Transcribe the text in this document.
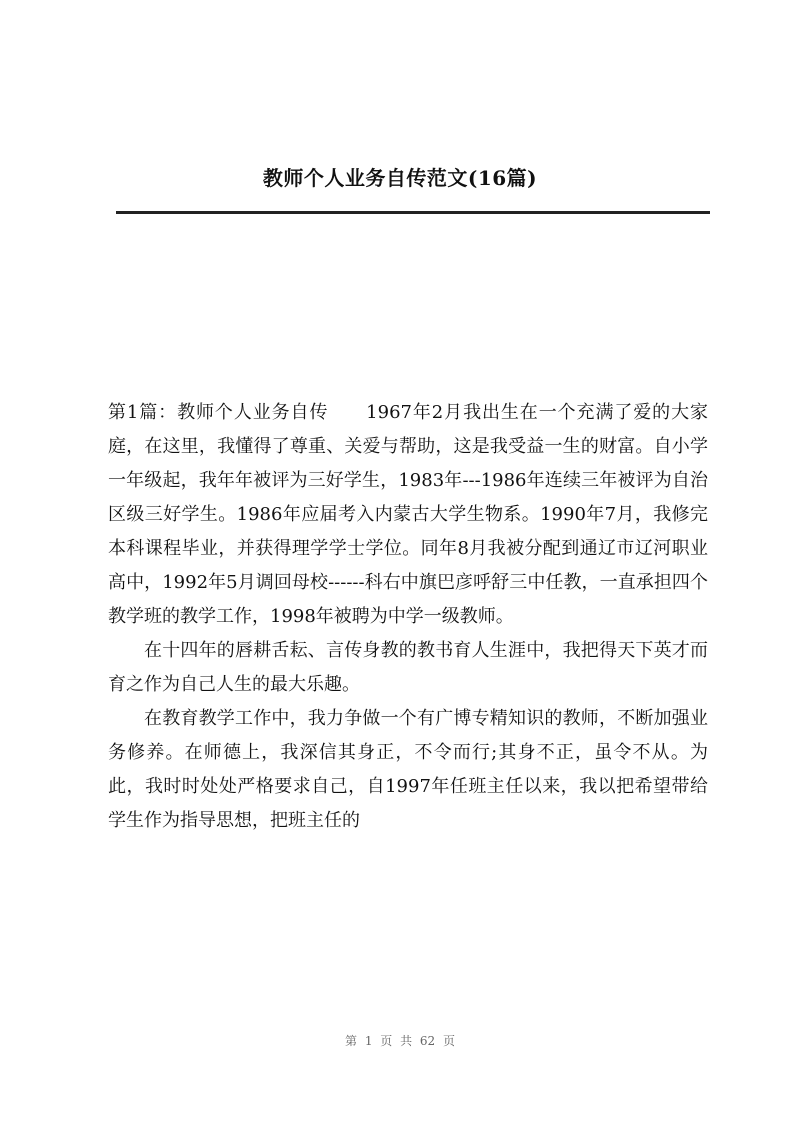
教师个人业务自传范文(16篇)

第1篇：教师个人业务自传　　1967年2月我出生在一个充满了爱的大家庭，在这里，我懂得了尊重、关爱与帮助，这是我受益一生的财富。自小学一年级起，我年年被评为三好学生，1983年---1986年连续三年被评为自治区级三好学生。1986年应届考入内蒙古大学生物系。1990年7月，我修完本科课程毕业，并获得理学学士学位。同年8月我被分配到通辽市辽河职业高中，1992年5月调回母校------科右中旗巴彦呼舒三中任教，一直承担四个教学班的教学工作，1998年被聘为中学一级教师。

在十四年的唇耕舌耘、言传身教的教书育人生涯中，我把得天下英才而育之作为自己人生的最大乐趣。

在教育教学工作中，我力争做一个有广博专精知识的教师，不断加强业务修养。在师德上，我深信其身正，不令而行;其身不正，虽令不从。为此，我时时处处严格要求自己，自1997年任班主任以来，我以把希望带给学生作为指导思想，把班主任的

第 1 页 共 62 页
